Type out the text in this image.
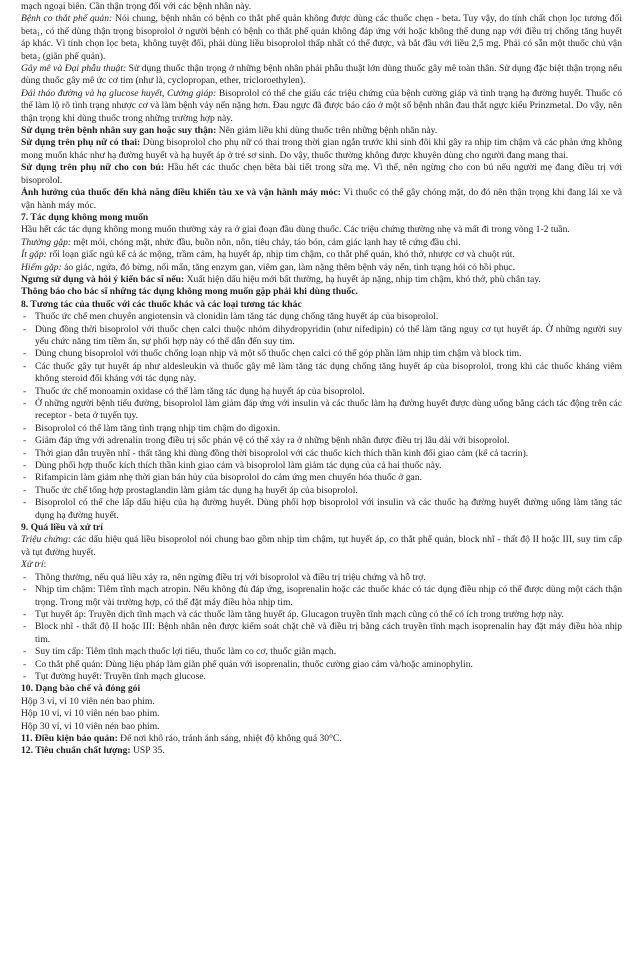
mạch ngoại biên. Cần thận trọng đối với các bệnh nhân này.

Bệnh co thắt phế quản: Nói chung, bệnh nhân có bệnh co thắt phế quản không được dùng các thuốc chẹn - beta. Tuy vậy, do tính chất chọn lọc tương đối beta₁, có thể dùng thận trọng bisoprolol ở người bệnh có bệnh co thắt phế quản không đáp ứng với hoặc không thể dung nạp với điều trị chống tăng huyết áp khác. Vì tính chọn lọc beta₁ không tuyệt đối, phải dùng liều bisoprolol thấp nhất có thể được, và bắt đầu với liều 2,5 mg. Phải có sẵn một thuốc chủ vận beta₂ (giãn phế quản).

Gây mê và Đại phẫu thuật: Sử dụng thuốc thận trọng ở những bệnh nhân phải phẫu thuật lớn dùng thuốc gây mê toàn thân. Sử dụng đặc biệt thận trọng nếu dùng thuốc gây mê ức cơ tim (như là, cyclopropan, ether, tricloroethylen).

Đái tháo đường và hạ glucose huyết, Cường giáp: Bisoprolol có thể che giấu các triệu chứng của bệnh cường giáp và tình trạng hạ đường huyết. Thuốc có thể làm lộ rõ tình trạng nhược cơ và làm bệnh vảy nến nặng hơn. Đau ngực đã được báo cáo ở một số bệnh nhân đau thắt ngực kiểu Prinzmetal. Do vậy, nên thận trọng khi dùng thuốc trong những trường hợp này.

Sử dụng trên bệnh nhân suy gan hoặc suy thận: Nên giảm liều khi dùng thuốc trên những bệnh nhân này.

Sử dụng trên phụ nữ có thai: Dùng bisoprolol cho phụ nữ có thai trong thời gian ngắn trước khi sinh đôi khi gây ra nhịp tim chậm và các phản ứng không mong muốn khác như hạ đường huyết và hạ huyết áp ở trẻ sơ sinh. Do vậy, thuốc thường không được khuyên dùng cho người đang mang thai.

Sử dụng trên phụ nữ cho con bú: Hầu hết các thuốc chẹn bêta bài tiết trong sữa mẹ. Vì thế, nên ngừng cho con bú nếu người mẹ đang điều trị với bisoprolol.

Ảnh hưởng của thuốc đến khả năng điều khiển tàu xe và vận hành máy móc: Vì thuốc có thể gây chóng mặt, do đó nên thận trọng khi đang lái xe và vận hành máy móc.

7. Tác dụng không mong muốn

Hầu hết các tác dụng không mong muốn thường xảy ra ở giai đoạn đầu dùng thuốc. Các triệu chứng thường nhẹ và mất đi trong vòng 1-2 tuần.

Thường gặp: mệt mỏi, chóng mặt, nhức đầu, buồn nôn, nôn, tiêu chảy, táo bón, cảm giác lạnh hay tê cứng đầu chi.

Ít gặp: rối loạn giấc ngủ kể cả ác mộng, trầm cảm, hạ huyết áp, nhịp tim chậm, co thắt phế quản, khó thở, nhược cơ và chuột rút.

Hiếm gặp: ảo giác, ngứa, đỏ bừng, nổi mẩn, tăng enzym gan, viêm gan, làm nặng thêm bệnh vảy nến, tình trạng hói có hồi phục.

Ngưng sử dụng và hỏi ý kiến bác sĩ nếu: Xuất hiện dấu hiệu mới bất thường, hạ huyết áp nặng, nhịp tim chậm, khó thở, phù chân tay.

Thông báo cho bác sĩ những tác dụng không mong muốn gặp phải khi dùng thuốc.

8. Tương tác của thuốc với các thuốc khác và các loại tương tác khác

- Thuốc ức chế men chuyển angiotensin và clonidin làm tăng tác dụng chống tăng huyết áp của bisoprolol.
- Dùng đồng thời bisoprolol với thuốc chẹn calci thuộc nhóm dihydropyridin (như nifedipin) có thể làm tăng nguy cơ tụt huyết áp. Ở những người suy yếu chức năng tim tiềm ẩn, sự phối hợp này có thể dẫn đến suy tim.
- Dùng chung bisoprolol với thuốc chống loạn nhịp và một số thuốc chẹn calci có thể góp phần làm nhịp tim chậm và block tim.
- Các thuốc gây tụt huyết áp như aldesleukin và thuốc gây mê làm tăng tác dụng chống tăng huyết áp của bisoprolol, trong khi các thuốc kháng viêm không steroid đối kháng với tác dụng này.
- Thuốc ức chế monoamin oxidase có thể làm tăng tác dụng hạ huyết áp của bisoprolol.
- Ở những người bệnh tiểu đường, bisoprolol làm giảm đáp ứng với insulin và các thuốc làm hạ đường huyết được dùng uống bằng cách tác động trên các receptor - beta ở tuyến tụy.
- Bisoprolol có thể làm tăng tình trạng nhịp tim chậm do digoxin.
- Giảm đáp ứng với adrenalin trong điều trị sốc phản vệ có thể xảy ra ở những bệnh nhân được điều trị lâu dài với bisoprolol.
- Thời gian dẫn truyền nhĩ - thất tăng khi dùng đồng thời bisoprolol với các thuốc kích thích thần kinh đối giao cảm (kể cả tacrin).
- Dùng phối hợp thuốc kích thích thần kinh giao cảm và bisoprolol làm giảm tác dụng của cả hai thuốc này.
- Rifampicin làm giảm nhẹ thời gian bán hủy của bisoprolol do cảm ứng men chuyển hóa thuốc ở gan.
- Thuốc ức chế tổng hợp prostaglandin làm giảm tác dụng hạ huyết áp của bisoprolol.
- Bisoprolol có thể che lấp dấu hiệu của hạ đường huyết. Dùng phối hợp bisoprolol với insulin và các thuốc hạ đường huyết đường uống làm tăng tác dụng hạ đường huyết.

9. Quá liều và xử trí

Triệu chứng: các dấu hiệu quá liều bisoprolol nói chung bao gồm nhịp tim chậm, tụt huyết áp, co thắt phế quản, block nhĩ - thất độ II hoặc III, suy tim cấp và tụt đường huyết.

Xử trí:

- Thông thường, nếu quá liều xảy ra, nên ngừng điều trị với bisoprolol và điều trị triệu chứng và hỗ trợ.
- Nhịp tim chậm: Tiêm tĩnh mạch atropin. Nếu không đủ đáp ứng, isoprenalin hoặc các thuốc khác có tác dụng điều nhịp có thể được dùng một cách thận trọng. Trong một vài trường hợp, có thể đặt máy điều hòa nhịp tim.
- Tụt huyết áp: Truyền dịch tĩnh mạch và các thuốc làm tăng huyết áp. Glucagon truyền tĩnh mạch cũng có thể có ích trong trường hợp này.
- Block nhĩ - thất độ II hoặc III: Bệnh nhân nên được kiểm soát chặt chẽ và điều trị bằng cách truyền tĩnh mạch isoprenalin hay đặt máy điều hòa nhịp tim.
- Suy tim cấp: Tiêm tĩnh mạch thuốc lợi tiểu, thuốc làm co cơ, thuốc giãn mạch.
- Co thắt phế quản: Dùng liệu pháp làm giãn phế quản với isoprenalin, thuốc cường giao cảm và/hoặc aminophylin.
- Tụt đường huyết: Truyền tĩnh mạch glucose.

10. Dạng bào chế và đóng gói

Hộp 3 vỉ, vỉ 10 viên nén bao phim.

Hộp 10 vỉ, vỉ 10 viên nén bao phim.

Hộp 30 vỉ, vỉ 10 viên nén bao phim.

11. Điều kiện bảo quản: Để nơi khô ráo, tránh ánh sáng, nhiệt độ không quá 30°C.

12. Tiêu chuẩn chất lượng: USP 35.
